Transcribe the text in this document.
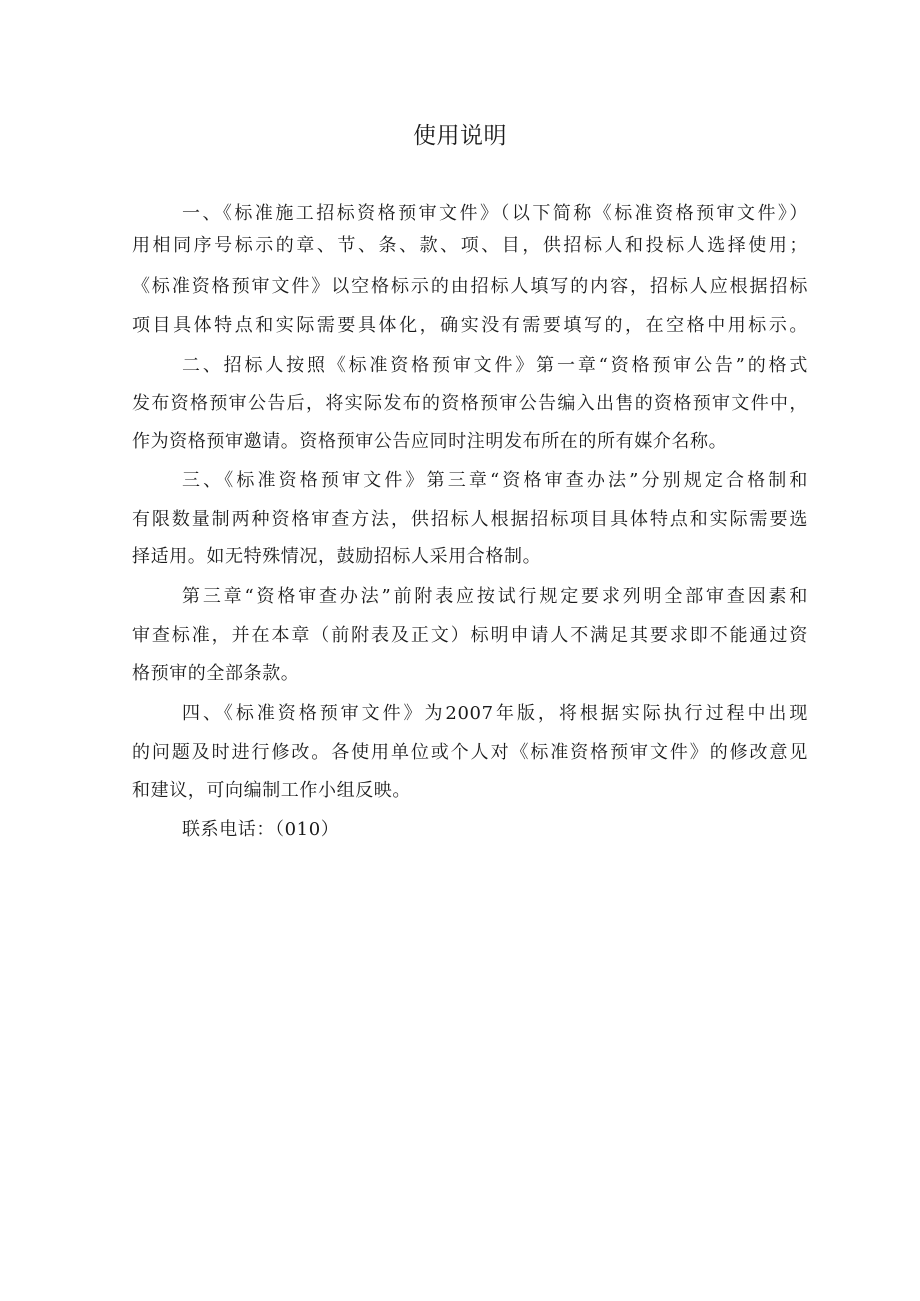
使用说明
一、《标准施工招标资格预审文件》（以下简称《标准资格预审文件》）
用相同序号标示的章、节、条、款、项、目，供招标人和投标人选择使用；
《标准资格预审文件》以空格标示的由招标人填写的内容，招标人应根据招标
项目具体特点和实际需要具体化，确实没有需要填写的，在空格中用标示。
二、招标人按照《标准资格预审文件》第一章“资格预审公告”的格式
发布资格预审公告后，将实际发布的资格预审公告编入出售的资格预审文件中，
作为资格预审邀请。资格预审公告应同时注明发布所在的所有媒介名称。
三、《标准资格预审文件》第三章“资格审查办法”分别规定合格制和
有限数量制两种资格审查方法，供招标人根据招标项目具体特点和实际需要选
择适用。如无特殊情况，鼓励招标人采用合格制。
第三章“资格审查办法”前附表应按试行规定要求列明全部审查因素和
审查标准，并在本章（前附表及正文）标明申请人不满足其要求即不能通过资
格预审的全部条款。
四、《标准资格预审文件》为2007年版，将根据实际执行过程中出现
的问题及时进行修改。各使用单位或个人对《标准资格预审文件》的修改意见
和建议，可向编制工作小组反映。
联系电话：（010）
